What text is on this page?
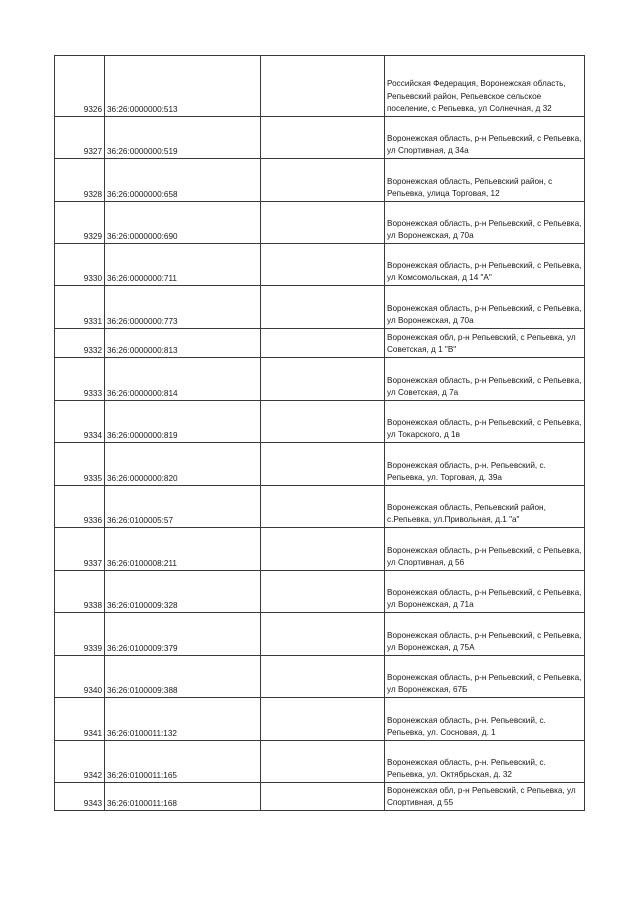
9326	36:26:0000000:513		Российская Федерация, Воронежская область, Репьевский район, Репьевское сельское поселение, с Репьевка, ул Солнечная, д 32
9327	36:26:0000000:519		Воронежская область, р-н Репьевский, с Репьевка, ул Спортивная, д 34а
9328	36:26:0000000:658		Воронежская область, Репьевский район, с Репьевка, улица Торговая, 12
9329	36:26:0000000:690		Воронежская область, р-н Репьевский, с Репьевка, ул Воронежская, д 70а
9330	36:26:0000000:711		Воронежская область, р-н Репьевский, с Репьевка, ул Комсомольская, д 14 "А"
9331	36:26:0000000:773		Воронежская область, р-н Репьевский, с Репьевка, ул Воронежская, д 70а
9332	36:26:0000000:813		Воронежская обл, р-н Репьевский, с Репьевка, ул Советская, д 1 "В"
9333	36:26:0000000:814		Воронежская область, р-н Репьевский, с Репьевка, ул Советская, д 7а
9334	36:26:0000000:819		Воронежская область, р-н Репьевский, с Репьевка, ул Токарского, д 1в
9335	36:26:0000000:820		Воронежская область, р-н. Репьевский, с. Репьевка, ул. Торговая, д. 39а
9336	36:26:0100005:57		Воронежская область, Репьевский район, с.Репьевка, ул.Привольная, д.1 "а"
9337	36:26:0100008:211		Воронежская область, р-н Репьевский, с Репьевка, ул Спортивная, д 56
9338	36:26:0100009:328		Воронежская область, р-н Репьевский, с Репьевка, ул Воронежская, д 71а
9339	36:26:0100009:379		Воронежская область, р-н Репьевский, с Репьевка, ул Воронежская, д 75А
9340	36:26:0100009:388		Воронежская область, р-н Репьевский, с Репьевка, ул Воронежская, 67Б
9341	36:26:0100011:132		Воронежская область, р-н. Репьевский, с. Репьевка, ул. Сосновая, д. 1
9342	36:26:0100011:165		Воронежская область, р-н. Репьевский, с. Репьевка, ул. Октябрьская, д. 32
9343	36:26:0100011:168		Воронежская обл, р-н Репьевский, с Репьевка, ул Спортивная, д 55
